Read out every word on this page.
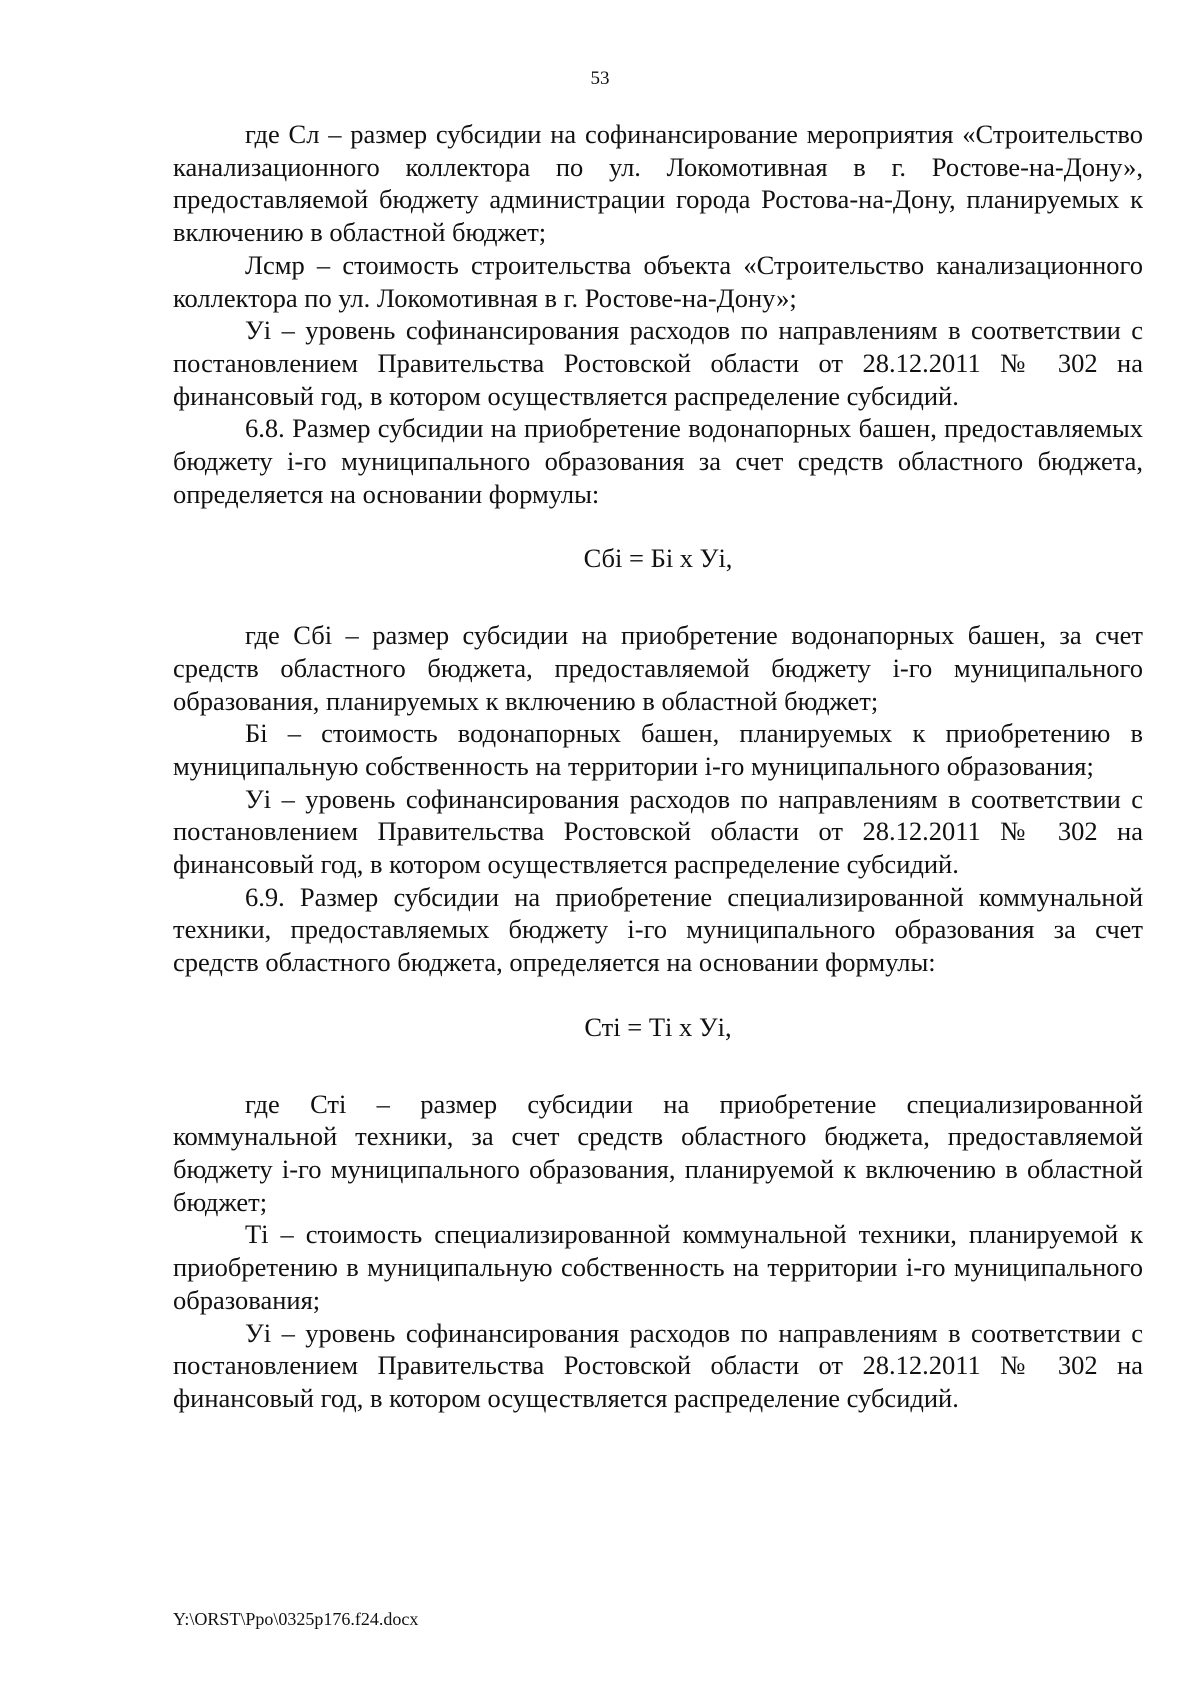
53

где Сл – размер субсидии на софинансирование мероприятия «Строительство канализационного коллектора по ул. Локомотивная в г. Ростове-на-Дону», предоставляемой бюджету администрации города Ростова-на-Дону, планируемых к включению в областной бюджет;

Лсмр – стоимость строительства объекта «Строительство канализационного коллектора по ул. Локомотивная в г. Ростове-на-Дону»;

Уi – уровень софинансирования расходов по направлениям в соответствии с постановлением Правительства Ростовской области от 28.12.2011 № 302 на финансовый год, в котором осуществляется распределение субсидий.

6.8. Размер субсидии на приобретение водонапорных башен, предоставляемых бюджету i-го муниципального образования за счет средств областного бюджета, определяется на основании формулы:

Сбi = Бi х Уi,

где Сбi – размер субсидии на приобретение водонапорных башен, за счет средств областного бюджета, предоставляемой бюджету i-го муниципального образования, планируемых к включению в областной бюджет;

Бi – стоимость водонапорных башен, планируемых к приобретению в муниципальную собственность на территории i-го муниципального образования;

Уi – уровень софинансирования расходов по направлениям в соответствии с постановлением Правительства Ростовской области от 28.12.2011 № 302 на финансовый год, в котором осуществляется распределение субсидий.

6.9. Размер субсидии на приобретение специализированной коммунальной техники, предоставляемых бюджету i-го муниципального образования за счет средств областного бюджета, определяется на основании формулы:

Стi = Тi х Уi,

где Стi – размер субсидии на приобретение специализированной коммунальной техники, за счет средств областного бюджета, предоставляемой бюджету i-го муниципального образования, планируемой к включению в областной бюджет;

Тi – стоимость специализированной коммунальной техники, планируемой к приобретению в муниципальную собственность на территории i-го муниципального образования;

Уi – уровень софинансирования расходов по направлениям в соответствии с постановлением Правительства Ростовской области от 28.12.2011 № 302 на финансовый год, в котором осуществляется распределение субсидий.

Y:\ORST\Ppo\0325p176.f24.docx
